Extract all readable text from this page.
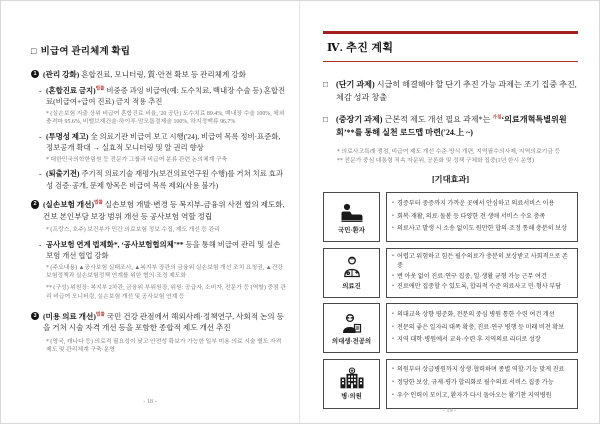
□ 비급여 관리체계 확립
1 (관리 강화) 혼합진료, 모니터링, 質·안전 확보 등 관리체계 강화
- (혼합진료 금지)$^{법률}$ 비중증 과잉 비급여(예: 도수치료, 백내장 수술 등) 혼합진료(비급여+급여 진료) 금지 적용 추진
* (실손보험 지출 상위 비급여 혼합진료 비율, '20 공단) 도수치료 89.4%, 백내장 수술 100%, 체외충격파 95.6%, 비밸브재건술·하이푸·맘모톰절제술 100%, 하지정맥류 96.7%
- (투명성 제고) 全 의료기관 비급여 보고 시행('24), 비급여 목록 정비·표준화, 정보공개 확대 → 실효적 모니터링 및 알 권리 향상
* 대한민국의학한림원 등 전문가 그룹과 비급여 분류 관련 논의체계 구축
- (퇴출기전) 주기적 의료기술 재평가(보건의료연구원 수행)를 거쳐 치료 효과성 검증·공개, 문제 항목은 비급여 목록 제외(사용 불가)
2 (실손보험 개선)$^{법률}$ 실손보험 개발·변경 등 복지부-금융위 사전 협의 제도화, 건보 본인부담 보장 범위 개선 등 공사보험 역할 정립
* (프랑스, 호주) 보건부가 민간 의료보험 정보 수집, 제도 개선 등 관리
- 공사보험 연계 법제화*, ‘공사보험협의체’** 등을 통해 비급여 관리 및 실손보험 개선 협업 강화
* (주요내용) ▲공사보험 실태조사, ▲복지부 장관의 금융위 실손보험 개선 조치 요청권, ▲건강보험정책과 실손보험정책 연계를 위한 협의·조정 제도화
** (구성) 위원장: 복지부 2차관, 금융위 부위원장, 위원: 공급자, 소비자, 전문가 등 (역할) 중점 관리 비급여 모니터링, 실손보험 개선 및 공사보험 연계 등
3 (미용 의료 개선)$^{법률}$ 국민 건강 관점에서 해외사례·정책연구, 사회적 논의 등을 거쳐 시술 자격 개선 등을 포함한 종합적 제도 개선 추진
* (영국, 캐나다 등) 의료적 필요성이 낮고 안전성 확보가 가능한 일부 미용 의료 시술 별도 자격제도 및 관리체계 구축·운영
- 18 -
Ⅳ. 추진 계획
□ (단기 과제) 시급히 해결해야 할 단기 추진 가능 과제는 조기 집중 추진, 체감 성과 창출
□ (중장기 과제) 근본적 제도 개선 필요 과제*는 $^{가칭}$‘의료개혁특별위원회’**를 통해 실천 로드맵 마련('24.上 ~)
* 의료사고특례 쟁점, 비급여 제도 개선 수준·방식 개편, 지역필수의사제, 지역의료기금 등
** 전문가 중심 대통령 직속 자문위, 공론화 및 정책 구체화 집중(1년 한시 운영)
[기대효과]
국민·환자
• 경증부터 중증까지 가까운 곳에서 안심하고 의료서비스 이용
• 회복·재활, 의료·돌봄 등 다양한 전 생애 서비스 수요 충족
• 의료사고 발생 시 소송 없이도 원만한 합의·조정 통해 충분히 보상
의료진
• 어렵고 위험하고 힘든 필수의료가 충분히 보상받고 사회적으로 존중
• 번 아웃 없이 진료·연구 집중, 일·생활 균형 가능 근무 여건
• 진료에만 집중할 수 있도록, 합리적 수준 의료사고 민·형사 부담
의대생·전공의
• 의대교육 상향 평준화, 전문의 중심 병원 통한 수련 여건 개선
• 전문의 좋은 일자리 대폭 확충, 진료·연구 병행 등 미래 비전 확보
• 지역 대학·병원에서 교육·수련 후 지역의료 리더로 성장
병·의원
• 의원부터 상급병원까지 상생·협력하며 종별 역할·기능 맞게 진료
• 정당한 보상, 규제·평가 합리화로 필수의료 서비스 집중 가능
• 우수 인력이 모이고, 환자가 다시 돌아오는 활기찬 지역병원
- 19 -
